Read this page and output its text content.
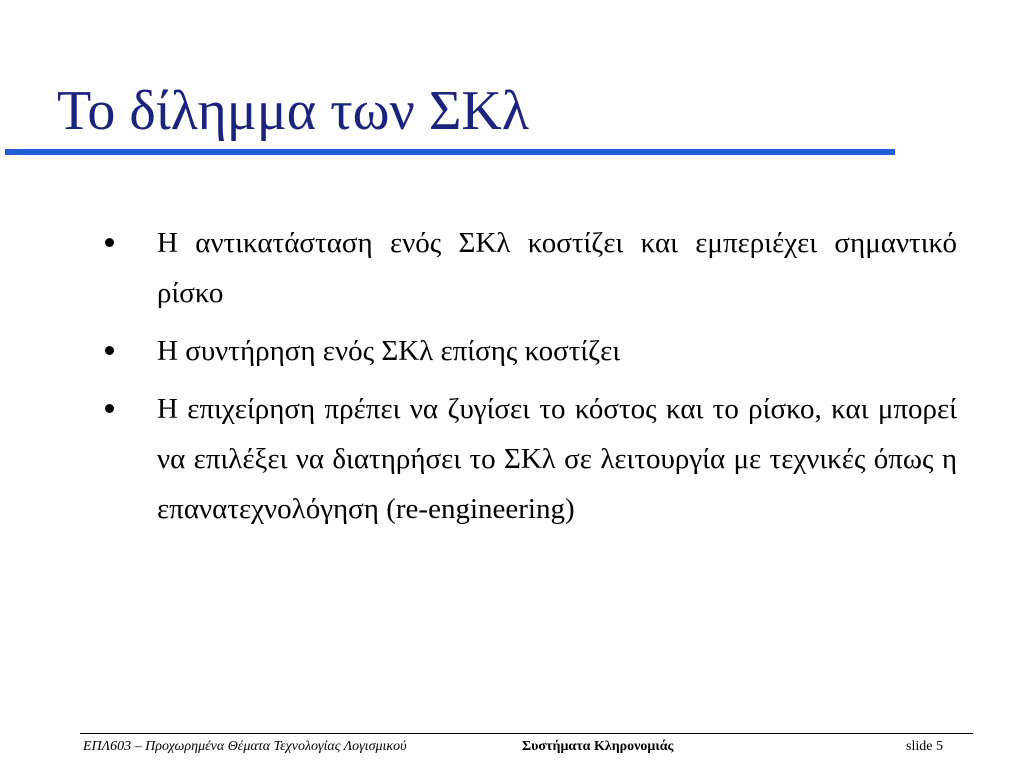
Το δίλημμα των ΣΚλ
Η αντικατάσταση ενός ΣΚλ κοστίζει και εμπεριέχει σημαντικό ρίσκο
Η συντήρηση ενός ΣΚλ επίσης κοστίζει
Η επιχείρηση πρέπει να ζυγίσει το κόστος και το ρίσκο, και μπορεί να επιλέξει να διατηρήσει το ΣΚλ σε λειτουργία με τεχνικές όπως η επανατεχνολόγηση (re-engineering)
ΕΠΛ603 – Προχωρημένα Θέματα Τεχνολογίας Λογισμικού	Συστήματα Κληρονομιάς	slide 5
